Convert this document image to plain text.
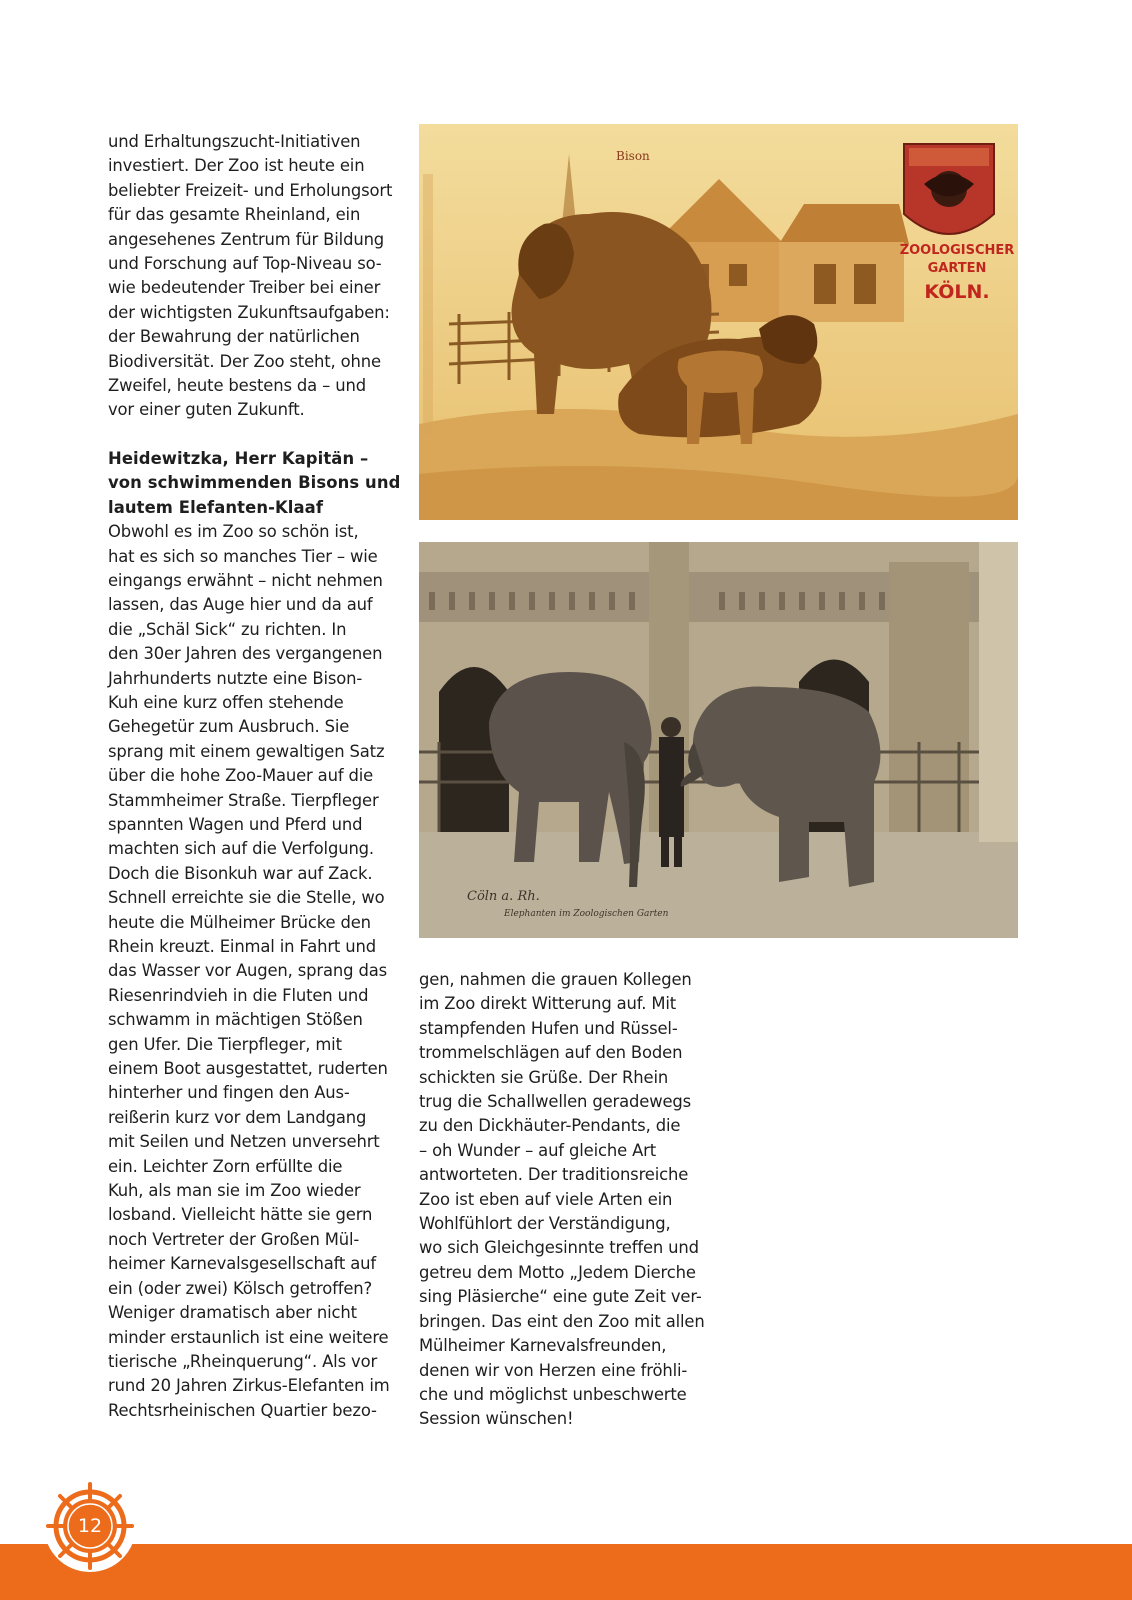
und Erhaltungszucht-Initiativen
investiert. Der Zoo ist heute ein
beliebter Freizeit- und Erholungsort
für das gesamte Rheinland, ein
angesehenes Zentrum für Bildung
und Forschung auf Top-Niveau so-
wie bedeutender Treiber bei einer
der wichtigsten Zukunftsaufgaben:
der Bewahrung der natürlichen
Biodiversität. Der Zoo steht, ohne
Zweifel, heute bestens da – und
vor einer guten Zukunft.
Heidewitzka, Herr Kapitän –
von schwimmenden Bisons und
lautem Elefanten-Klaaf
Obwohl es im Zoo so schön ist,
hat es sich so manches Tier – wie
eingangs erwähnt – nicht nehmen
lassen, das Auge hier und da auf
die „Schäl Sick“ zu richten. In
den 30er Jahren des vergangenen
Jahrhunderts nutzte eine Bison-
Kuh eine kurz offen stehende
Gehegetür zum Ausbruch. Sie
sprang mit einem gewaltigen Satz
über die hohe Zoo-Mauer auf die
Stammheimer Straße. Tierpfleger
spannten Wagen und Pferd und
machten sich auf die Verfolgung.
Doch die Bisonkuh war auf Zack.
Schnell erreichte sie die Stelle, wo
heute die Mülheimer Brücke den
Rhein kreuzt. Einmal in Fahrt und
das Wasser vor Augen, sprang das
Riesenrindvieh in die Fluten und
schwamm in mächtigen Stößen
gen Ufer. Die Tierpfleger, mit
einem Boot ausgestattet, ruderten
hinterher und fingen den Aus-
reißerin kurz vor dem Landgang
mit Seilen und Netzen unversehrt
ein. Leichter Zorn erfüllte die
Kuh, als man sie im Zoo wieder
losband. Vielleicht hätte sie gern
noch Vertreter der Großen Mül-
heimer Karnevalsgesellschaft auf
ein (oder zwei) Kölsch getroffen?
Weniger dramatisch aber nicht
minder erstaunlich ist eine weitere
tierische „Rheinquerung“. Als vor
rund 20 Jahren Zirkus-Elefanten im
Rechtsrheinischen Quartier bezo-
Bison
ZOOLOGISCHER
GARTEN
KÖLN.
Cöln a. Rh.
Elephanten im Zoologischen Garten
gen, nahmen die grauen Kollegen
im Zoo direkt Witterung auf. Mit
stampfenden Hufen und Rüssel-
trommelschlägen auf den Boden
schickten sie Grüße. Der Rhein
trug die Schallwellen geradewegs
zu den Dickhäuter-Pendants, die
– oh Wunder – auf gleiche Art
antworteten. Der traditionsreiche
Zoo ist eben auf viele Arten ein
Wohlfühlort der Verständigung,
wo sich Gleichgesinnte treffen und
getreu dem Motto „Jedem Dierche
sing Pläsierche“ eine gute Zeit ver-
bringen. Das eint den Zoo mit allen
Mülheimer Karnevalsfreunden,
denen wir von Herzen eine fröhli-
che und möglichst unbeschwerte
Session wünschen!
12
